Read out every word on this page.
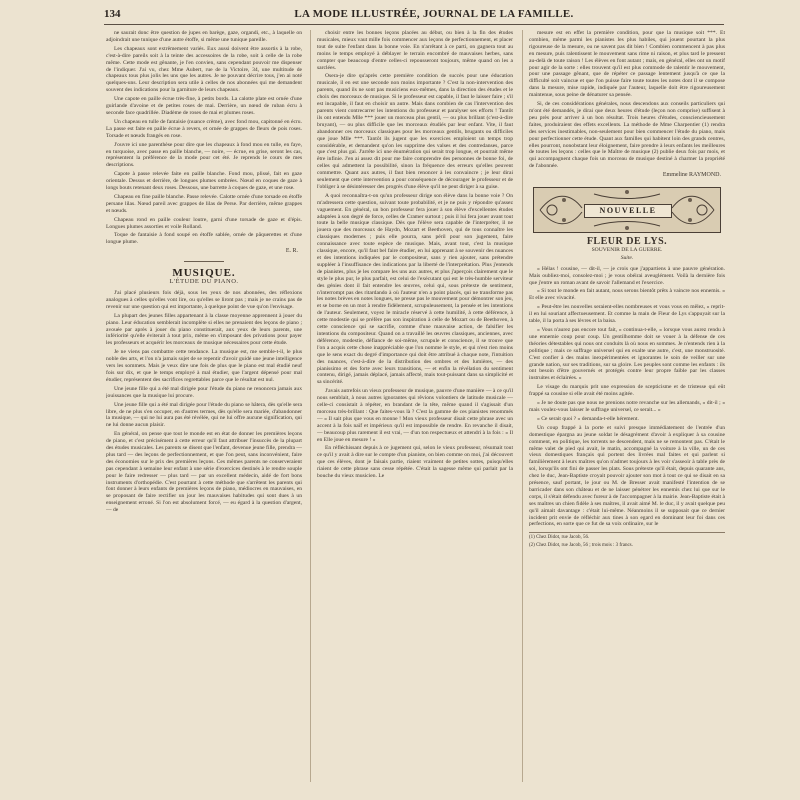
134	LA MODE ILLUSTRÉE, JOURNAL DE LA FAMILLE.

ne saurait donc être question de jupes en barège, gaze, organdi, etc., à laquelle on adjoindrait une tunique d'une autre étoffe, si même une tunique pareille.

Les chapeaux sont extrêmement variés. Eux aussi doivent être assortis à la robe, c'est-à-dire pareils soit à la teinte des accessoires de la robe, soit à celle de la robe même. Cette mode est gênante, je l'en convien, sans cependant pouvoir me dispenser de l'indiquer. J'ai vu, chez Mme Aubert, rue de la Victoire, 34, une multitude de chapeaux tous plus jolis les uns que les autres. Je ne pouvant décrire tous, j'en ai noté quelques-uns. Leur description sera utile à celles de nos abonnées qui me demandent souvent des indications pour la garniture de leurs chapeaux.

Une capote en paille écrue très-fine, à petits bords. La calotte plate est ornée d'une guirlande d'avoine et de petites roses de mai. Derrière, un nœud de ruban écru à seconde face quadrillée. Diadème de roses de mai et plumes roses.

Un chapeau en tulle de fantaisie (nuance crème), avec fond mou, capitonné en écru. La passe est faite en paille écrue à revers, et ornée de grappes de fleurs de pois roses. Torsade et nœuds frangés en rose.

J'ouvre ici une parenthèse pour dire que les chapeaux à fond mou en tulle, en faye, en turquoise, avec passe en paille blanche, — noire, — écrue, en grise, seront les cas, représentent la préférence de la mode pour cet été. Je reprends le cours de mes descriptions.

Capote à passe relevée faite en paille blanche. Fond mou, plissé, fait en gaze orientale. Dessus et derrière, de longues plumes ombrées. Nœud en coques de gaze à longs bouts retenant deux roses. Dessous, une barrette à coques de gaze, et une rose.

Chapeau en fine paille blanche. Passe relevée. Calotte ornée d'une torsade en étoffe persane lilas. Nœud pareil avec grappes de lilas de Perse. Par derrière, même grappes et nœuds.

Chapeau rond en paille couleur loutre, garni d'une torsade de gaze et d'épis. Longues plumes assorties et voile Rolland.

Toque de fantaisie à fond soupé en étoffe sablée, ornée de pâquerettes et d'une longue plume.

E. R.
MUSIQUE.
L'ÉTUDE DU PIANO.

J'ai placé plusieurs fois déjà, sous les yeux de nos abonnées, des réflexions analogues à celles qu'elles vont lire, ou qu'elles se liront pas ; mais je ne crains pas de revenir sur une question qui est importante, à quelque point de vue qu'on l'envisage.

La plupart des jeunes filles appartenant à la classe moyenne apprennent à jouer du piano. Leur éducation semblerait incomplète si elles ne prenaient des leçons de piano ; avouée par après à jouer du piano constituerait, aux yeux de leurs parents, une infériorité qu'elle éviterait à tout prix, même en s'imposant des privations pour payer les professeurs et acquérir les morceaux de musique nécessaires pour cette étude.

Je ne viens pas combattre cette tendance. La musique est, me semble-t-il, le plus noble des arts, et l'on n'a jamais sujet de se repentir d'avoir guidé une jeune intelligence vers les sommets. Mais je veux dire une fois de plus que le piano est mal étudié neuf fois sur dix, et que le temps employé à mal étudier, que l'argent dépensé pour mal étudier, représentent des sacrifices regrettables parce que le résultat est nul.

Une jeune fille qui a été mal dirigée pour l'étude du piano ne renoncera jamais aux jouissances que la musique lui procure.

Une jeune fille qui a été mal dirigée pour l'étude du piano se hâtera, dès qu'elle sera libre, de ne plus s'en occuper, en d'autres termes, dès qu'elle sera mariée, d'abandonner la musique, — qui ne lui aura pas été révélée, qui ne lui offre aucune signification, qui ne lui donne aucun plaisir.

En général, on pense que tout le monde est en état de donner les premières leçons de piano, et c'est précisément à cette erreur qu'il faut attribuer l'insuccès de la plupart des études musicales. Les parents se disent que l'enfant, devenue jeune fille, prendra — plus tard — des leçons de perfectionnement, et que l'on peut, sans inconvénient, faire des économies sur le prix des premières leçons. Ces mêmes parents ne conserveraient pas cependant à semaine leur enfant à une série d'exercices destinés à le rendre souple pour le faire redresser — plus tard — par un excellent médecin, aidé de fort bons instruments d'orthopédie. C'est pourtant à cette méthode que s'arrêtent les parents qui font donner à leurs enfants de premières leçons de piano, médiocres en mauvaises, en se proposant de faire rectifier un jour les mauvaises habitudes qui sont dues à un enseignement erroné. Si l'on est absolument forcé, — eu égard à la question d'argent, — de

choisir entre les bonnes leçons placées au début, ou bien à la fin des études musicales, mieux vaut mille fois commencer aux leçons de perfectionnement, et placer tout de suite l'enfant dans la bonne voie. En n'arrêtant à ce parti, on gagnera tout au moins le temps employé à déblayer le terrain encombré de mauvaises herbes, sans compter que beaucoup d'entre celles-ci repousseront toujours, même quand on les a sarclées.

Osera-je dire qu'après cette première condition de succès pour une éducation musicale, il en est une seconde non moins importante ? C'est la non-intervention des parents, quand ils ne sont pas musiciens eux-mêmes, dans la direction des études et le choix des morceaux de musique. Si le professeur est capable, il faut le laisser faire ; s'il est incapable, il faut en choisir un autre. Mais dans combien de cas l'intervention des parents vient contrecarrer les intentions du professeur et paralyser ses efforts ! Tantôt ils ont entendu Mlle *** jouer un morceau plus gentil, — ou plus brillant (c'est-à-dire bruyant), — ou plus difficile que les morceaux étudiés par leur enfant. Vite, il faut abandonner ces morceaux classiques pour les morceaux gentils, brugants ou difficiles que joue Mlle ***. Tantôt ils jugent que les exercices emploient un temps trop considérable, et demandent qu'on les supprime des valses et des contredanses, parce que c'est plus gai. J'arrête ici une énumération qui serait trop longue, et pourrait même être infinie. J'en ai assez dit pour me faire comprendre des personnes de bonne foi, de celles qui admettent la possibilité, sinon la fréquence des erreurs qu'elles peuvent commettre. Quant aux autres, il faut bien renoncer à les convaincre ; je leur dirai seulement que cette intervention a pour conséquence de décourager le professeur et de l'obliger à se désintéresser des progrès d'une élève qu'il ne peut diriger à sa guise.

A quoi reconnaîtra-t-on qu'un professeur dirige son élève dans la bonne voie ? On m'adressera cette question, suivant toute probabilité, et je ne puis y répondre qu'assez vaguement. En général, un bon professeur fera jouer à son élève d'excellentes études adaptées à son degré de force, celles de Cramer surtout ; puis il lui fera jouer avant tout toute la belle musique classique. Dès que l'élève sera capable de l'interpréter, il ne jouera que des morceaux de Haydn, Mozart et Beethoven, qui de tous connaître les classiques modernes ; puis elle pourra, sans péril pour son jugement, faire connaissance avec toute espèce de musique. Mais, avant tout, c'est la musique classique, encore, qu'il faut bel faire étudier, en lui apprenant à se souvenir des nuances et des intentions indiquées par le compositeur, sans y rien ajouter, sans prétendre suppléer à l'insuffisance des indications par la liberté de l'interprétation. Plus j'entends de pianistes, plus je les compare les uns aux autres, et plus j'aperçois clairement que le style le plus pur, le plus parfait, est celui de l'exécutant qui est le très-humble serviteur des génies dont il fait entendre les œuvres, celui qui, sous prétexte de sentiment, n'interrompt pas des ritardando à où l'auteur n'en a point placés, qui ne transforme pas les notes brèves en notes longues, ne presse pas le mouvement pour démontrer son jeu, et se borne en un mot à rendre fidèlement, scrupuleusement, la pensée et les intentions de l'auteur. Seulement, voyez le miracle réservé à cette humilité, à cette déférence, à cette modestie qui se préfère pas son inspiration à celle de Mozart ou de Beethoven, à cette conscience qui se sacrifie, comme d'une mauvaise action, de falsifier les intentions du compositeur. Quand on a travaillé les œuvres classiques, anciennes, avec déférence, modestie, défiance de soi-même, scrupule et conscience, il se trouve que l'on a acquis cette chose inappréciable que l'on nomme le style, et qui n'est rien moins que le sens exact du degré d'importance qui doit être attribué à chaque note, l'intuition des nuances, c'est-à-dire de la distribution des ombres et des lumières, — des pianissimo et des forte avec leurs transitions, — et enfin la révélation du sentiment contenu, dirigé, jamais déplacé, jamais affecté, mais tout-puissant dans sa simplicité et sa sincérité.

J'avais autrefois un vieux professeur de musique, pauvre d'une manière — à ce qu'il nous semblait, à nous autres ignorantes qui rêvions volontiers de latitude musicale — celle-ci consistait à répéter, en brandant de la tête, même quand il s'agissait d'un morceau très-brillant : Que faites-vous là ? C'est la gamme de ces pianistes renommés — « Il sait plus que vous en monne ! Mon vieux professeur disait cette phrase avec un accent à la fois naïf et impérieux qu'il est impossible de rendre. En revanche il disait, — beaucoup plus rarement il est vrai, — d'un ton respectueux et attendri à la fois : « Il en Elle joue en mesure ! »

En réfléchissant depuis à ce jugement qui, selon le vieux professeur, résumait tout ce qu'il y avait à dire sur le compte d'un pianiste, on bien comme on moi, j'ai découvert que ces élèves, dont je faisais partie, riaient vraiment de petites sottes, puisqu'elles riaient de cette phrase sans cesse répétée. C'était la sagesse même qui parlait par la bouche du vieux musicien. Le

mesure est en effet la première condition, pour que la musique soit ***. Et combien, même parmi les pianistes les plus habiles, qui jouent pourtant la plus rigoureuse de la mesure, ou ne savent pas dit bien ! Combien commencent à pas plus en mesure, puis ralentissent le mouvement sans rime ni raison, et plus tard le pressent au-delà de toute raison ! Les élèves en font autant ; mais, en général, elles ont un motif pour agir de la sorte : elles trouvent qu'il est plus commode de ralentir le mouvement, pour une passage gênant, que de répéter ce passage lentement jusqu'à ce que la difficulté soit vaincue et que l'on puisse faire toute toutes les notes dont il se compose dans la mesure, mise rapide, indiquée par l'auteur, laquelle doit être rigoureusement maintenue, sous peine de dénaturer sa pensée.

Si, de ces considérations générales, nous descendons aux conseils particuliers qui m'ont été demandés, je dirai que deux heures d'étude (leçon non comprise) suffisent à peu près pour arriver à un bon résultat. Trois heures d'études, consciencieusement faites, produiraient des effets excellents. La méthode de Mme Charpentier (1) rendra des services inestimables, non-seulement pour bien commencer l'étude du piano, mais pour perfectionner cette étude. Quant aux familles qui habitent loin des grands centres, elles pourront, nonobstant leur éloignement, faire prendre à leurs enfants les meilleures de toutes les leçons : celles que le Maître de musique (2) publie deux fois par mois, et qui accompagnent chaque fois un morceau de musique destiné à charmer la propriété de l'abonnée.

Emmeline RAYMOND.
NOUVELLE
FLEUR DE LYS.
SOUVENIR DE LA GUERRE.
Suite.

« Hélas ! cousine, — dit-il, — je crois que j'appartiens à une pauvre génération. Mais oubliez-moi, consolez-moi ; je vous obéirai aveuglément. Voilà la dernière fois que j'entre un roman avant de savoir l'allemand et l'exercice.

« Si tout le monde en fait autant, nous serons bientôt prêts à vaincre nos ennemis. » Et elle avec vivacité.

« Peut-être les nouvelles seraient-elles nombreuses et vous vous en mêlez, » reprit-il en lui souriant affectueusement. Et comme la main de Fleur de Lys s'appuyait sur la table, il la porta à ses lèvres et la baisa.

« Vous n'aurez pas encore tout fait, » continua-t-elle, « lorsque vous aurez rendu à une ennemie coup pour coup. Un gentilhomme doit se vouer à la défense de ces théories détestables qui nous ont conduits là où nous en sommes. Je n'entends rien à la politique ; mais ce suffrage universel qui en exalte une autre, c'est, une monstruosité. C'est confier à des mains inexpérimentées et ignorantes le soin de veiller sur une grande nation, sur ses traditions, sur sa gloire. Les peuples sont comme les enfants : ils ont besoin d'être gouvernés et protégés contre leur propre faible par les classes instruites et éclairées. »

Le visage du marquis prit une expression de scepticisme et de tristesse qui eût frappé sa cousine si elle avait été moins agitée.

« Je ne doute pas que nous ne prenions notre revanche sur les allemands, » dit-il ; « mais voulez-vous laisser le suffrage universel, ce serait... »

« Ce serait quoi ? » demanda-t-elle hérement.

Un coup frappé à la porte et suivi presque immédiatement de l'entrée d'un domestique épargna au jeune soldat le désagrément d'avoir à expliquer à sa cousine comment, en politique, les torrents ne descendent, mais ne se remontent pas. C'était le même valet de pied qui avait, le matin, accompagné la voiture à la ville, un de ces vieux domestiques français qui portent des livrées mal faites et qui parlent si familièrement à leurs maîtres qu'on n'admet toujours à les voir s'asseoir à table près de soi, lorsqu'ils ont fini de passer les plats. Sous prétexte qu'il était, depuis quarante ans, chez le duc, Jean-Baptiste croyait pouvoir ajouter son mot à tout ce qui se disait en sa présence, sauf portant, le jour ou M. de Bresser avait manifesté l'intention de se barricader dans son château et de ne laisser pénétrer les ennemis chez lui que sur le corps, il s'était défendu avec fureur à de l'accompagner à la mairie. Jean-Baptiste était à ses maîtres un chien fidèle à ses maîtres, il avait aimé M. le duc, il y avait quelque peu qu'il aimait davantage : c'était lui-même. Néanmoins il se supposait que ce dernier incident prit envie de réfléchir aux tines à son egard en dominant leur foi dans ces perfections, en sorte que ce fut de sa voix ordinaire, sur le

(1) Chez Didot, rue Jacob, 56.
(2) Chez Didot, rue Jacob, 56 ; trois mois : 3 francs.
